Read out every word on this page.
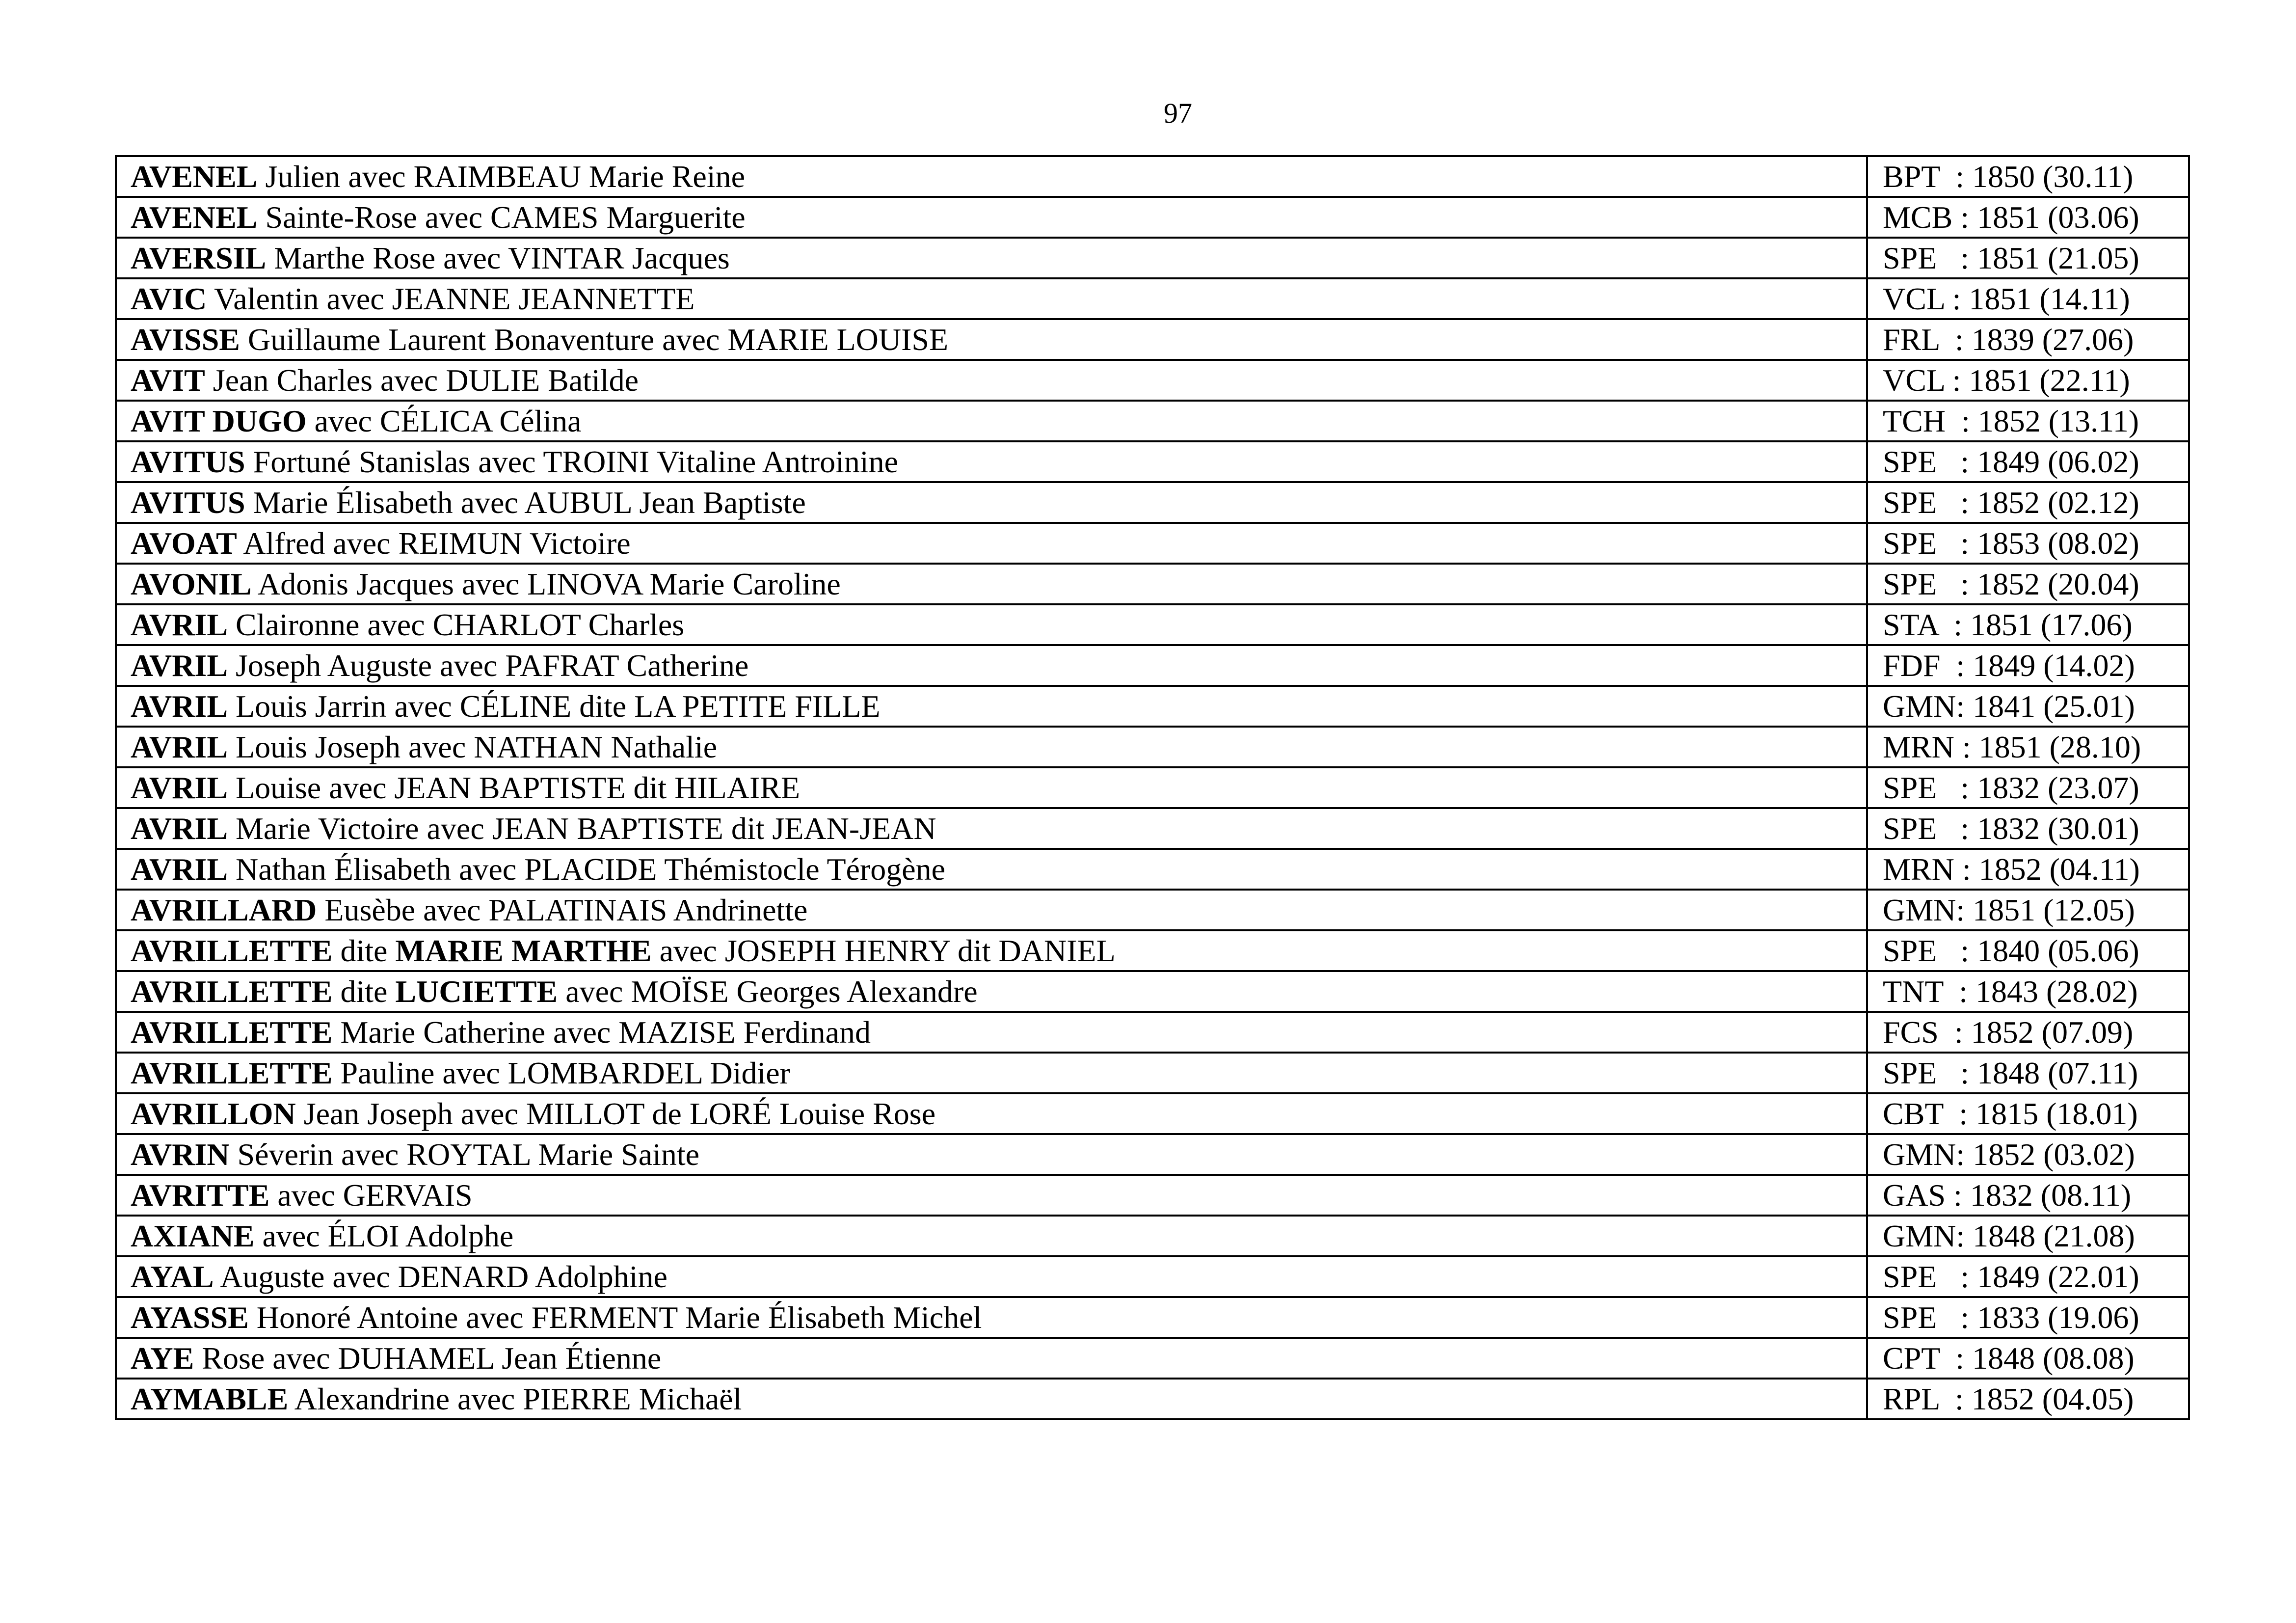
97
AVENEL Julien avec RAIMBEAU Marie Reine	BPT  : 1850 (30.11)
AVENEL Sainte-Rose avec CAMES Marguerite	MCB : 1851 (03.06)
AVERSIL Marthe Rose avec VINTAR Jacques	SPE   : 1851 (21.05)
AVIC Valentin avec JEANNE JEANNETTE	VCL : 1851 (14.11)
AVISSE Guillaume Laurent Bonaventure avec MARIE LOUISE	FRL  : 1839 (27.06)
AVIT Jean Charles avec DULIE Batilde	VCL : 1851 (22.11)
AVIT DUGO avec CÉLICA Célina	TCH  : 1852 (13.11)
AVITUS Fortuné Stanislas avec TROINI Vitaline Antroinine	SPE   : 1849 (06.02)
AVITUS Marie Élisabeth avec AUBUL Jean Baptiste	SPE   : 1852 (02.12)
AVOAT Alfred avec REIMUN Victoire	SPE   : 1853 (08.02)
AVONIL Adonis Jacques avec LINOVA Marie Caroline	SPE   : 1852 (20.04)
AVRIL Claironne avec CHARLOT Charles	STA  : 1851 (17.06)
AVRIL Joseph Auguste avec PAFRAT Catherine	FDF  : 1849 (14.02)
AVRIL Louis Jarrin avec CÉLINE dite LA PETITE FILLE	GMN: 1841 (25.01)
AVRIL Louis Joseph avec NATHAN Nathalie	MRN : 1851 (28.10)
AVRIL Louise avec JEAN BAPTISTE dit HILAIRE	SPE   : 1832 (23.07)
AVRIL Marie Victoire avec JEAN BAPTISTE dit JEAN-JEAN	SPE   : 1832 (30.01)
AVRIL Nathan Élisabeth avec PLACIDE Thémistocle Térogène	MRN : 1852 (04.11)
AVRILLARD Eusèbe avec PALATINAIS Andrinette	GMN: 1851 (12.05)
AVRILLETTE dite MARIE MARTHE avec JOSEPH HENRY dit DANIEL	SPE   : 1840 (05.06)
AVRILLETTE dite LUCIETTE avec MOÏSE Georges Alexandre	TNT  : 1843 (28.02)
AVRILLETTE Marie Catherine avec MAZISE Ferdinand	FCS  : 1852 (07.09)
AVRILLETTE Pauline avec LOMBARDEL Didier	SPE   : 1848 (07.11)
AVRILLON Jean Joseph avec MILLOT de LORÉ Louise Rose	CBT  : 1815 (18.01)
AVRIN Séverin avec ROYTAL Marie Sainte	GMN: 1852 (03.02)
AVRITTE avec GERVAIS	GAS : 1832 (08.11)
AXIANE avec ÉLOI Adolphe	GMN: 1848 (21.08)
AYAL Auguste avec DENARD Adolphine	SPE   : 1849 (22.01)
AYASSE Honoré Antoine avec FERMENT Marie Élisabeth Michel	SPE   : 1833 (19.06)
AYE Rose avec DUHAMEL Jean Étienne	CPT  : 1848 (08.08)
AYMABLE Alexandrine avec PIERRE Michaël	RPL  : 1852 (04.05)
